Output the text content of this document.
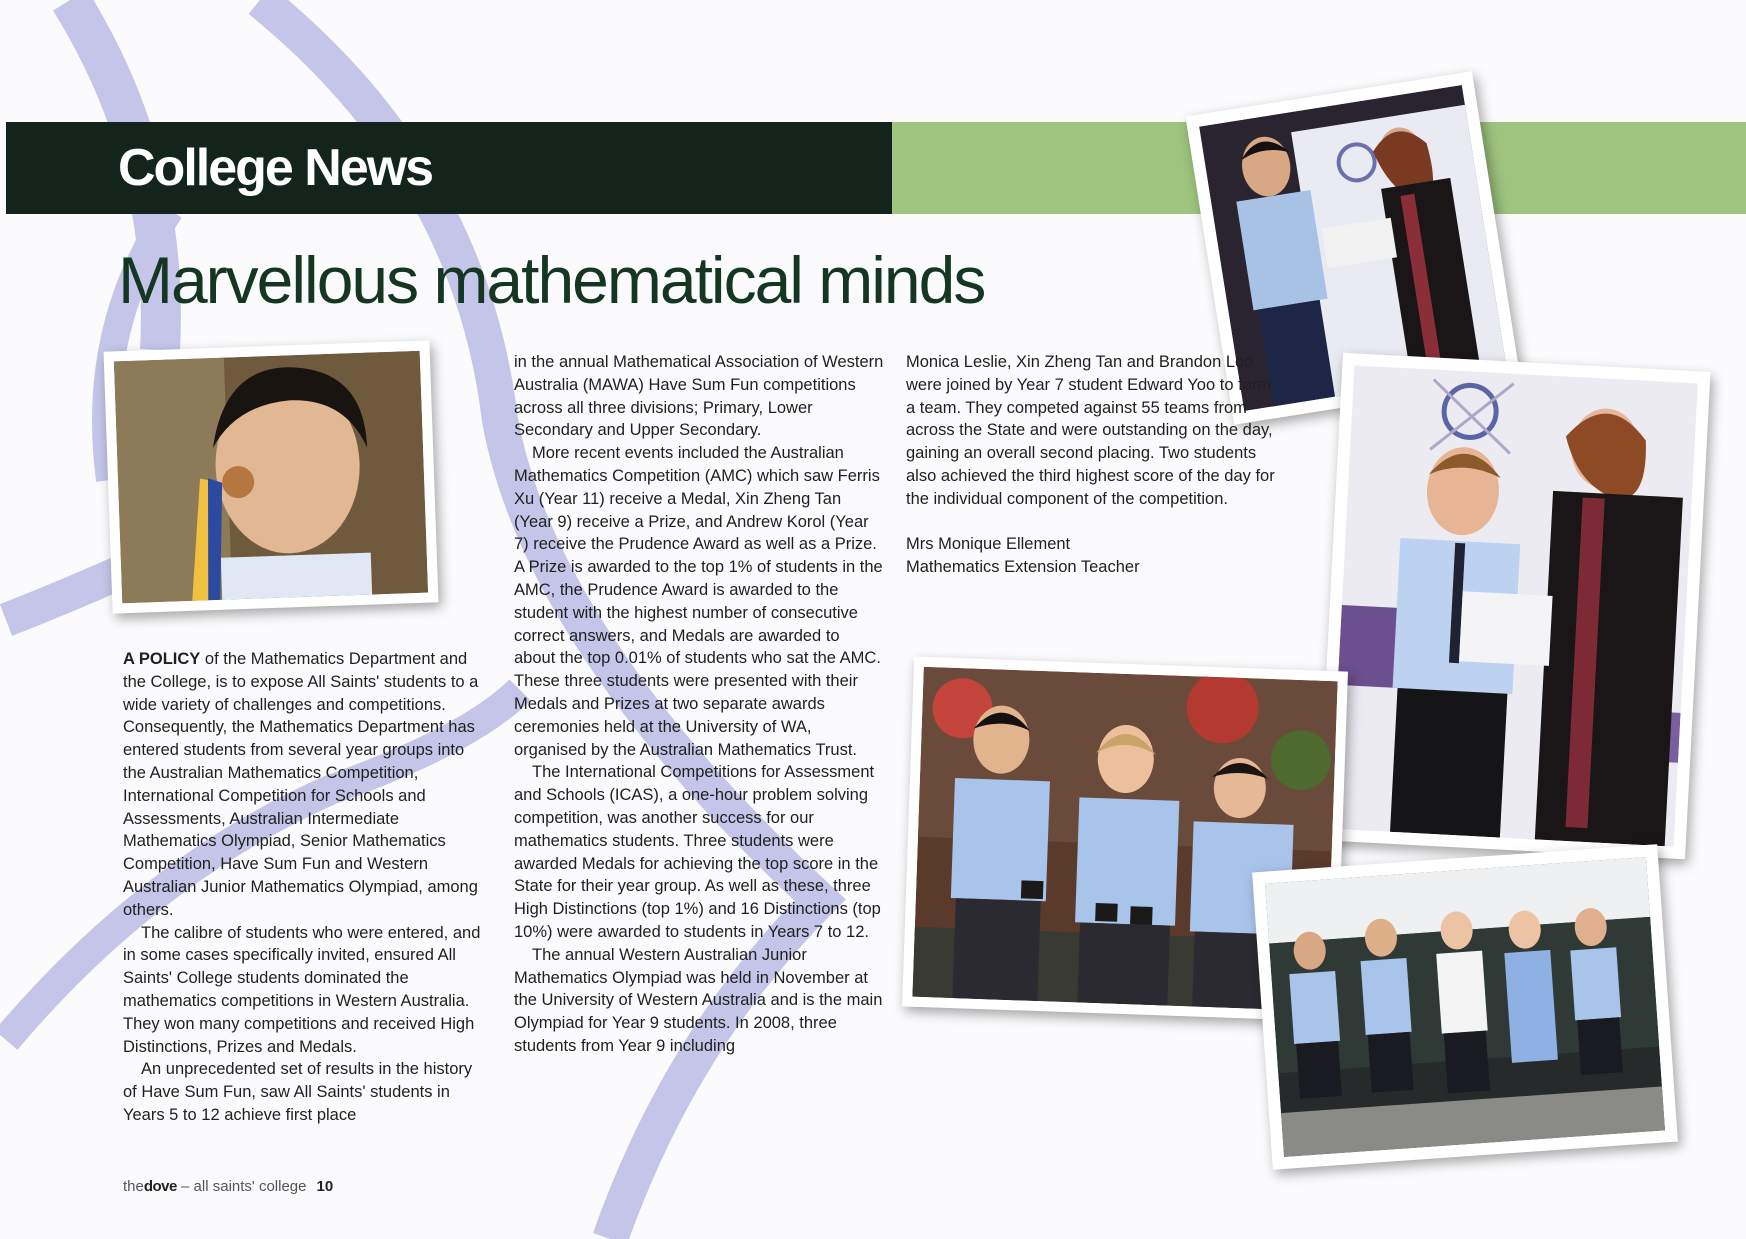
College News
Marvellous mathematical minds

A POLICY of the Mathematics Department and the College, is to expose All Saints' students to a wide variety of challenges and competitions. Consequently, the Mathematics Department has entered students from several year groups into the Australian Mathematics Competition, International Competition for Schools and Assessments, Australian Intermediate Mathematics Olympiad, Senior Mathematics Competition, Have Sum Fun and Western Australian Junior Mathematics Olympiad, among others.

The calibre of students who were entered, and in some cases specifically invited, ensured All Saints' College students dominated the mathematics competitions in Western Australia. They won many competitions and received High Distinctions, Prizes and Medals.

An unprecedented set of results in the history of Have Sum Fun, saw All Saints' students in Years 5 to 12 achieve first place

in the annual Mathematical Association of Western Australia (MAWA) Have Sum Fun competitions across all three divisions; Primary, Lower Secondary and Upper Secondary.

More recent events included the Australian Mathematics Competition (AMC) which saw Ferris Xu (Year 11) receive a Medal, Xin Zheng Tan (Year 9) receive a Prize, and Andrew Korol (Year 7) receive the Prudence Award as well as a Prize. A Prize is awarded to the top 1% of students in the AMC, the Prudence Award is awarded to the student with the highest number of consecutive correct answers, and Medals are awarded to about the top 0.01% of students who sat the AMC. These three students were presented with their Medals and Prizes at two separate awards ceremonies held at the University of WA, organised by the Australian Mathematics Trust.

The International Competitions for Assessment and Schools (ICAS), a one-hour problem solving competition, was another success for our mathematics students. Three students were awarded Medals for achieving the top score in the State for their year group. As well as these, three High Distinctions (top 1%) and 16 Distinctions (top 10%) were awarded to students in Years 7 to 12.

The annual Western Australian Junior Mathematics Olympiad was held in November at the University of Western Australia and is the main Olympiad for Year 9 students. In 2008, three students from Year 9 including

Monica Leslie, Xin Zheng Tan and Brandon Loo were joined by Year 7 student Edward Yoo to form a team. They competed against 55 teams from across the State and were outstanding on the day, gaining an overall second placing. Two students also achieved the third highest score of the day for the individual component of the competition.

Mrs Monique Ellement

Mathematics Extension Teacher

thedove – all saints' college 10
